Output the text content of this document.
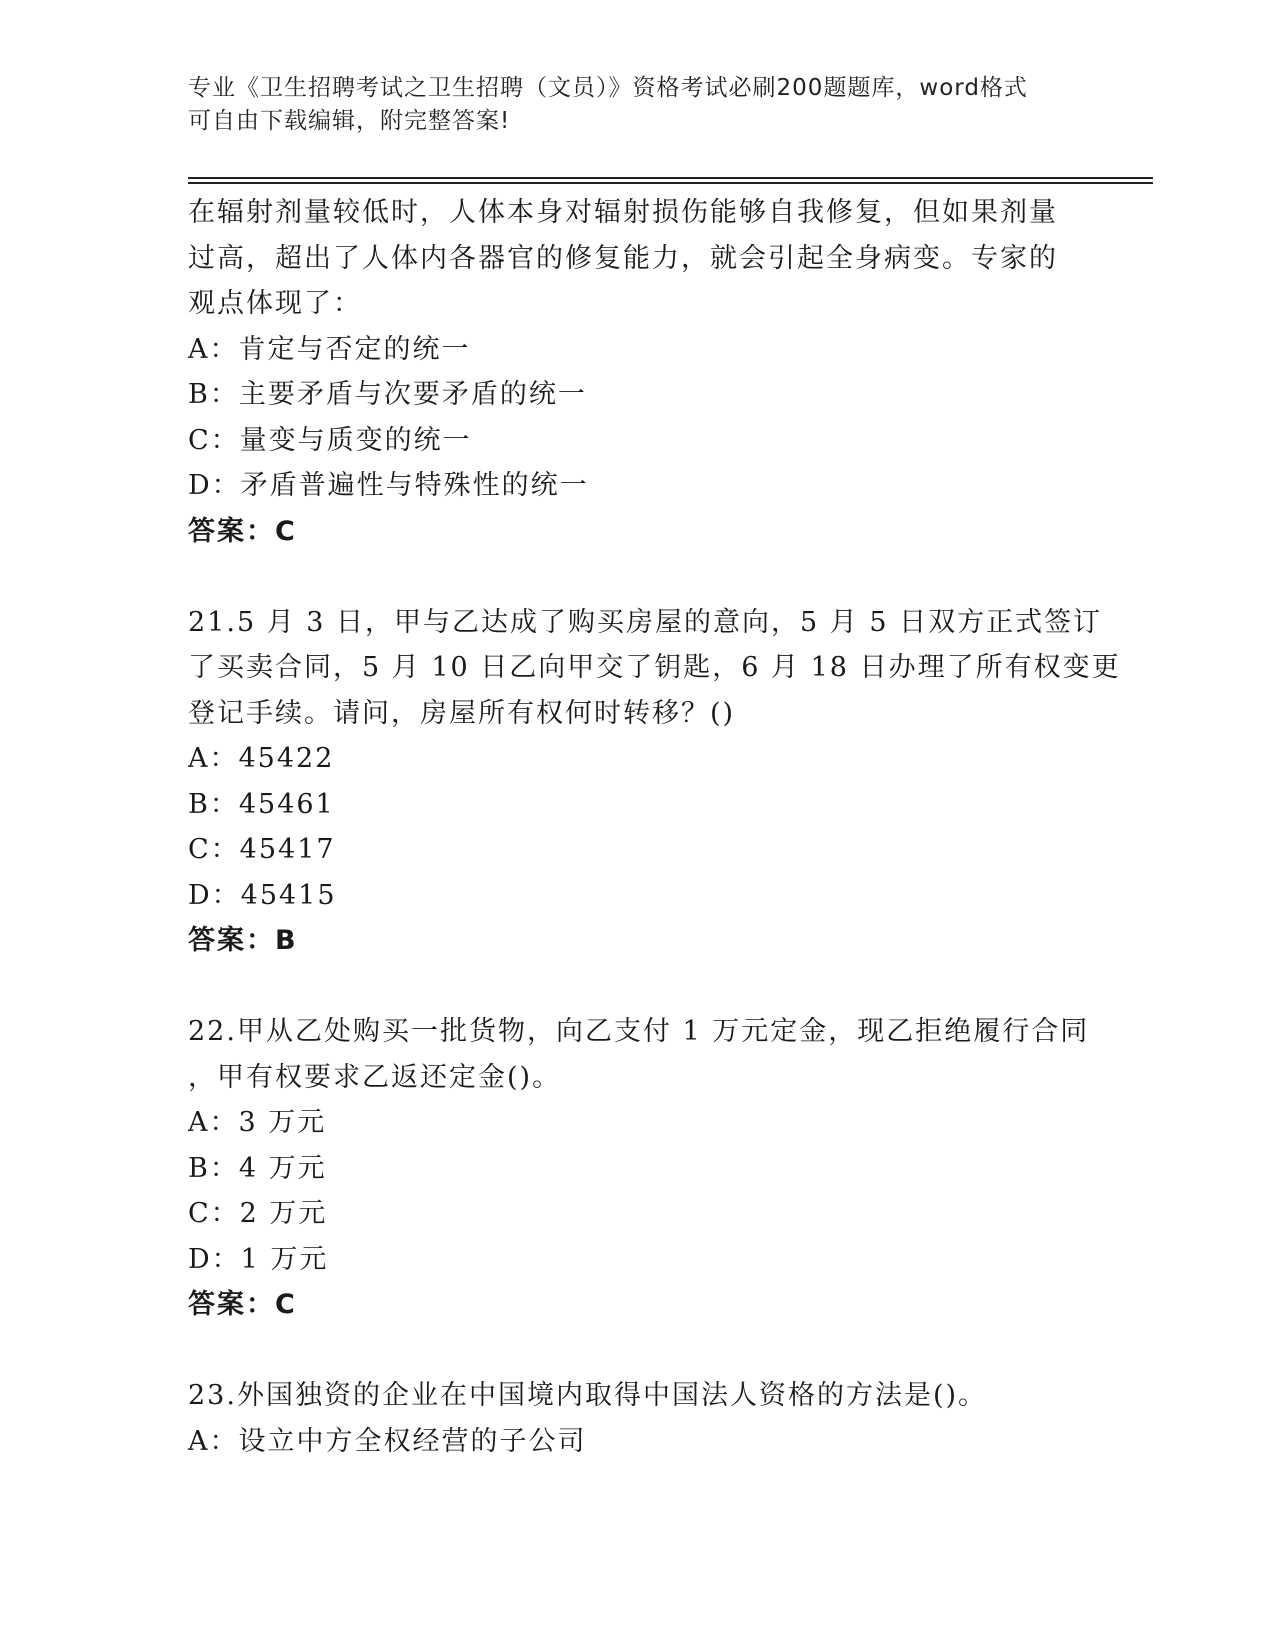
专业《卫生招聘考试之卫生招聘（文员）》资格考试必刷200题题库，word格式
可自由下载编辑，附完整答案!
在辐射剂量较低时，人体本身对辐射损伤能够自我修复，但如果剂量
过高，超出了人体内各器官的修复能力，就会引起全身病变。专家的
观点体现了：
A：肯定与否定的统一
B：主要矛盾与次要矛盾的统一
C：量变与质变的统一
D：矛盾普遍性与特殊性的统一
答案：C
21.5 月 3 日，甲与乙达成了购买房屋的意向，5 月 5 日双方正式签订
了买卖合同，5 月 10 日乙向甲交了钥匙，6 月 18 日办理了所有权变更
登记手续。请问，房屋所有权何时转移？()
A：45422
B：45461
C：45417
D：45415
答案：B
22.甲从乙处购买一批货物，向乙支付 1 万元定金，现乙拒绝履行合同
，甲有权要求乙返还定金()。
A：3 万元
B：4 万元
C：2 万元
D：1 万元
答案：C
23.外国独资的企业在中国境内取得中国法人资格的方法是()。
A：设立中方全权经营的子公司
